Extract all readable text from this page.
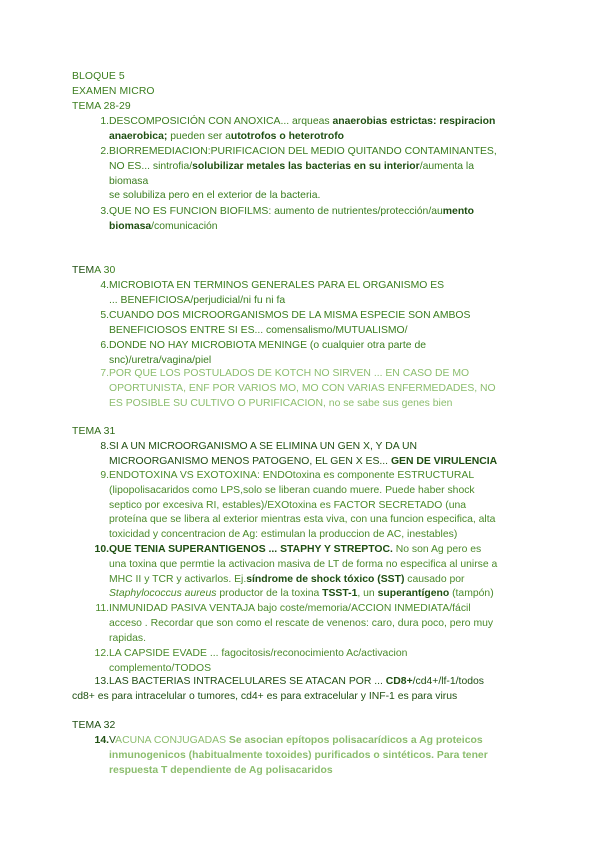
BLOQUE 5
EXAMEN MICRO
TEMA 28-29
1. DESCOMPOSICIÓN CON ANOXICA... arqueas anaerobias estrictas: respiracion
anaerobica; pueden ser autotrofos o heterotrofo
2. BIORREMEDIACION:PURIFICACION DEL MEDIO QUITANDO CONTAMINANTES,
NO ES... sintrofia/solubilizar metales las bacterias en su interior/aumenta la
biomasa
se solubiliza pero en el exterior de la bacteria.
3. QUE NO ES FUNCION BIOFILMS: aumento de nutrientes/protección/aumento
biomasa/comunicación
TEMA 30
4. MICROBIOTA EN TERMINOS GENERALES PARA EL ORGANISMO ES
... BENEFICIOSA/perjudicial/ni fu ni fa
5. CUANDO DOS MICROORGANISMOS DE LA MISMA ESPECIE SON AMBOS
BENEFICIOSOS ENTRE SI ES... comensalismo/MUTUALISMO/
6. DONDE NO HAY MICROBIOTA MENINGE (o cualquier otra parte de
snc)/uretra/vagina/piel
7. POR QUE LOS POSTULADOS DE KOTCH NO SIRVEN ... EN CASO DE MO
OPORTUNISTA, ENF POR VARIOS MO, MO CON VARIAS ENFERMEDADES, NO
ES POSIBLE SU CULTIVO O PURIFICACION, no se sabe sus genes bien
TEMA 31
8. SI A UN MICROORGANISMO A SE ELIMINA UN GEN X, Y DA UN
MICROORGANISMO MENOS PATOGENO, EL GEN X ES... GEN DE VIRULENCIA
9. ENDOTOXINA VS EXOTOXINA: ENDOtoxina es componente ESTRUCTURAL
(lipopolisacaridos como LPS,solo se liberan cuando muere. Puede haber shock
septico por excesiva RI, estables)/EXOtoxina es FACTOR SECRETADO (una
proteína que se libera al exterior mientras esta viva, con una funcion especifica, alta
toxicidad y concentracion de Ag: estimulan la produccion de AC, inestables)
10. QUE TENIA SUPERANTIGENOS ... STAPHY Y STREPTOC. No son Ag pero es
una toxina que permtie la activacion masiva de LT de forma no especifica al unirse a
MHC II y TCR y activarlos. Ej.síndrome de shock tóxico (SST) causado por
Staphylococcus aureus productor de la toxina TSST-1, un superantígeno (tampón)
11. INMUNIDAD PASIVA VENTAJA bajo coste/memoria/ACCION INMEDIATA/fácil
acceso . Recordar que son como el rescate de venenos: caro, dura poco, pero muy
rapidas.
12. LA CAPSIDE EVADE ... fagocitosis/reconocimiento Ac/activacion
complemento/TODOS
13. LAS BACTERIAS INTRACELULARES SE ATACAN POR ... CD8+/cd4+/lf-1/todos
cd8+ es para intracelular o tumores, cd4+ es para extracelular y INF-1 es para virus
TEMA 32
14. VACUNA CONJUGADAS Se asocian epítopos polisacarídicos a Ag proteicos
inmunogenicos (habitualmente toxoides) purificados o sintéticos. Para tener
respuesta T dependiente de Ag polisacaridos
